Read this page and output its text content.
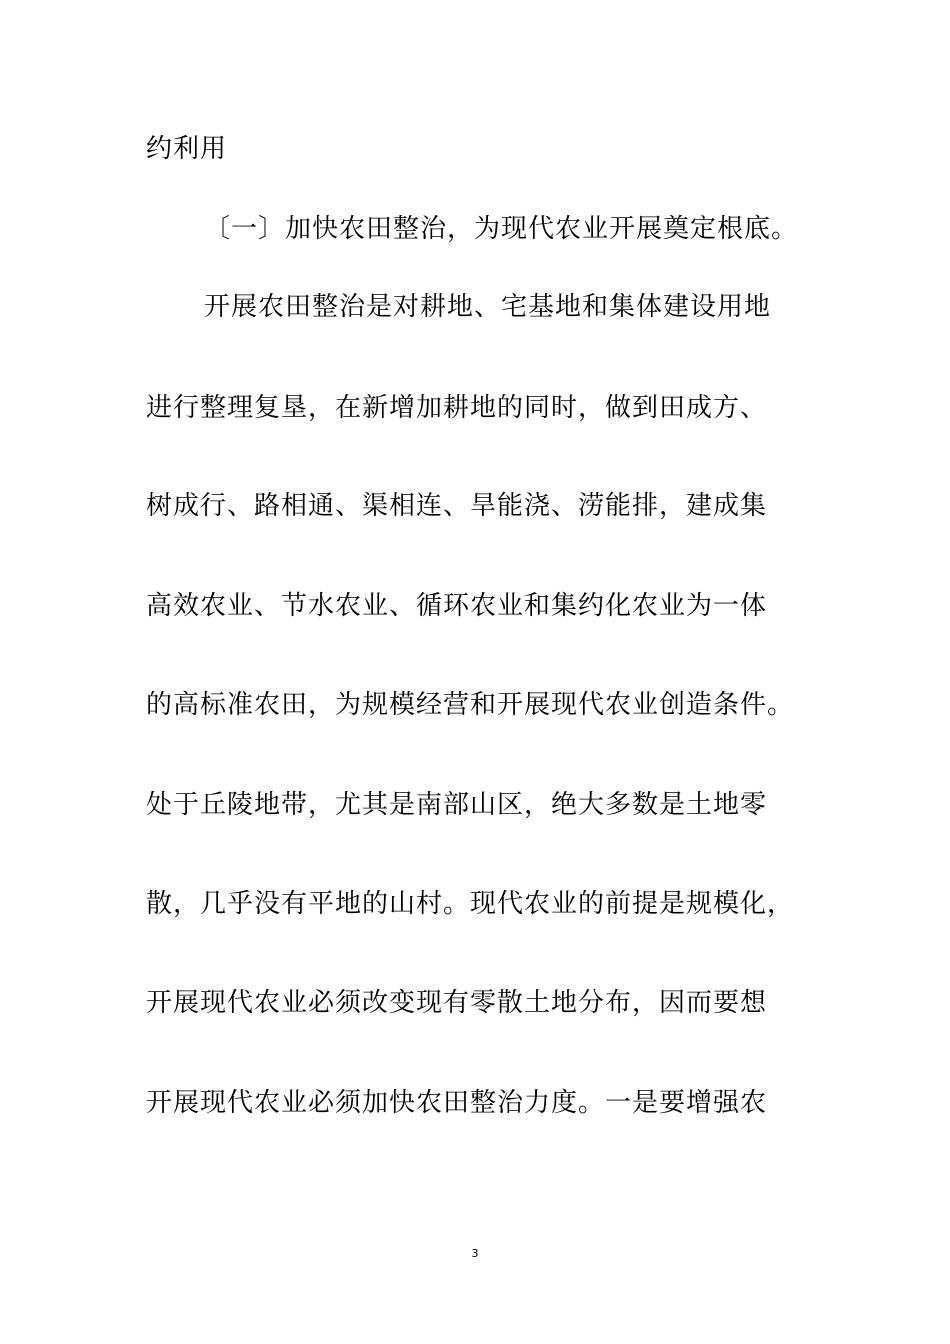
约利用
〔一〕加快农田整治，为现代农业开展奠定根底。
开展农田整治是对耕地、宅基地和集体建设用地
进行整理复垦，在新增加耕地的同时，做到田成方、
树成行、路相通、渠相连、旱能浇、涝能排，建成集
高效农业、节水农业、循环农业和集约化农业为一体
的高标准农田，为规模经营和开展现代农业创造条件。
处于丘陵地带，尤其是南部山区，绝大多数是土地零
散，几乎没有平地的山村。现代农业的前提是规模化，
开展现代农业必须改变现有零散土地分布，因而要想
开展现代农业必须加快农田整治力度。一是要增强农
3
